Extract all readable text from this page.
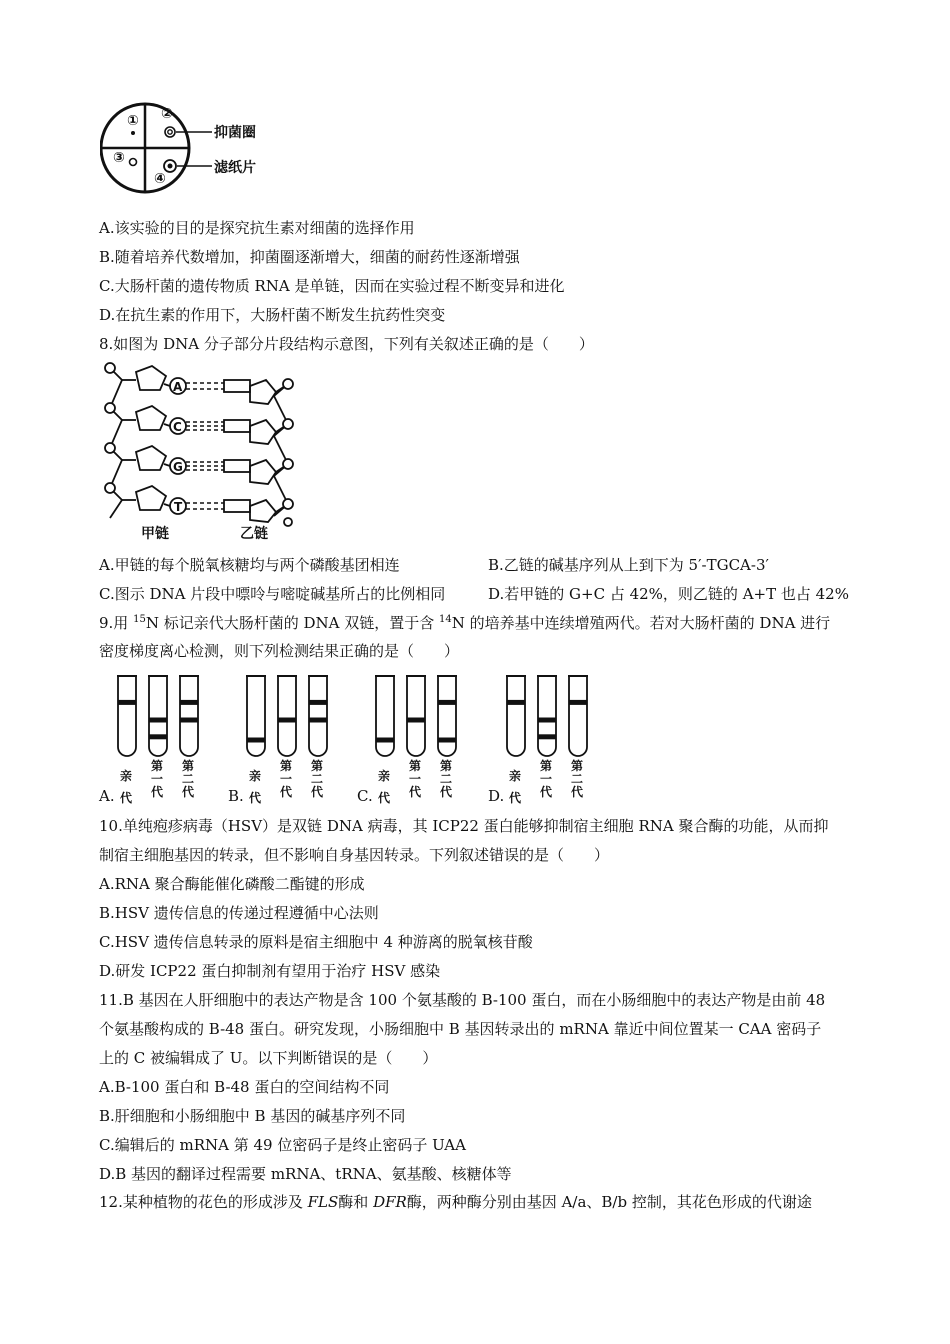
① ②
③
④
抑菌圈
滤纸片
A.该实验的目的是探究抗生素对细菌的选择作用
B.随着培养代数增加，抑菌圈逐渐增大，细菌的耐药性逐渐增强
C.大肠杆菌的遗传物质 RNA 是单链，因而在实验过程不断变异和进化
D.在抗生素的作用下，大肠杆菌不断发生抗药性突变
8.如图为 DNA 分子部分片段结构示意图，下列有关叙述正确的是（　　）
A
C
G
T
甲链	乙链
A.甲链的每个脱氧核糖均与两个磷酸基团相连	B.乙链的碱基序列从上到下为 5′-TGCA-3′
C.图示 DNA 片段中嘌呤与嘧啶碱基所占的比例相同	D.若甲链的 G+C 占 42%，则乙链的 A+T 也占 42%
9.用 $^{15}$N 标记亲代大肠杆菌的 DNA 双链，置于含 $^{14}$N 的培养基中连续增殖两代。若对大肠杆菌的 DNA 进行
密度梯度离心检测，则下列检测结果正确的是（　　）
A.
亲
代
第
一
代
第
二
代 B.
亲
代
第
一
代
第
二
代 C.
亲
代
第
一
代
第
二
代 D.
亲
代
第
一
代
第
二
代
10.单纯疱疹病毒（HSV）是双链 DNA 病毒，其 ICP22 蛋白能够抑制宿主细胞 RNA 聚合酶的功能，从而抑
制宿主细胞基因的转录，但不影响自身基因转录。下列叙述错误的是（　　）
A.RNA 聚合酶能催化磷酸二酯键的形成
B.HSV 遗传信息的传递过程遵循中心法则
C.HSV 遗传信息转录的原料是宿主细胞中 4 种游离的脱氧核苷酸
D.研发 ICP22 蛋白抑制剂有望用于治疗 HSV 感染
11.B 基因在人肝细胞中的表达产物是含 100 个氨基酸的 B-100 蛋白，而在小肠细胞中的表达产物是由前 48
个氨基酸构成的 B-48 蛋白。研究发现，小肠细胞中 B 基因转录出的 mRNA 靠近中间位置某一 CAA 密码子
上的 C 被编辑成了 U。以下判断错误的是（　　）
A.B-100 蛋白和 B-48 蛋白的空间结构不同
B.肝细胞和小肠细胞中 B 基因的碱基序列不同
C.编辑后的 mRNA 第 49 位密码子是终止密码子 UAA
D.B 基因的翻译过程需要 mRNA、tRNA、氨基酸、核糖体等
12.某种植物的花色的形成涉及 FLS酶和 DFR酶，两种酶分别由基因 A/a、B/b 控制，其花色形成的代谢途
